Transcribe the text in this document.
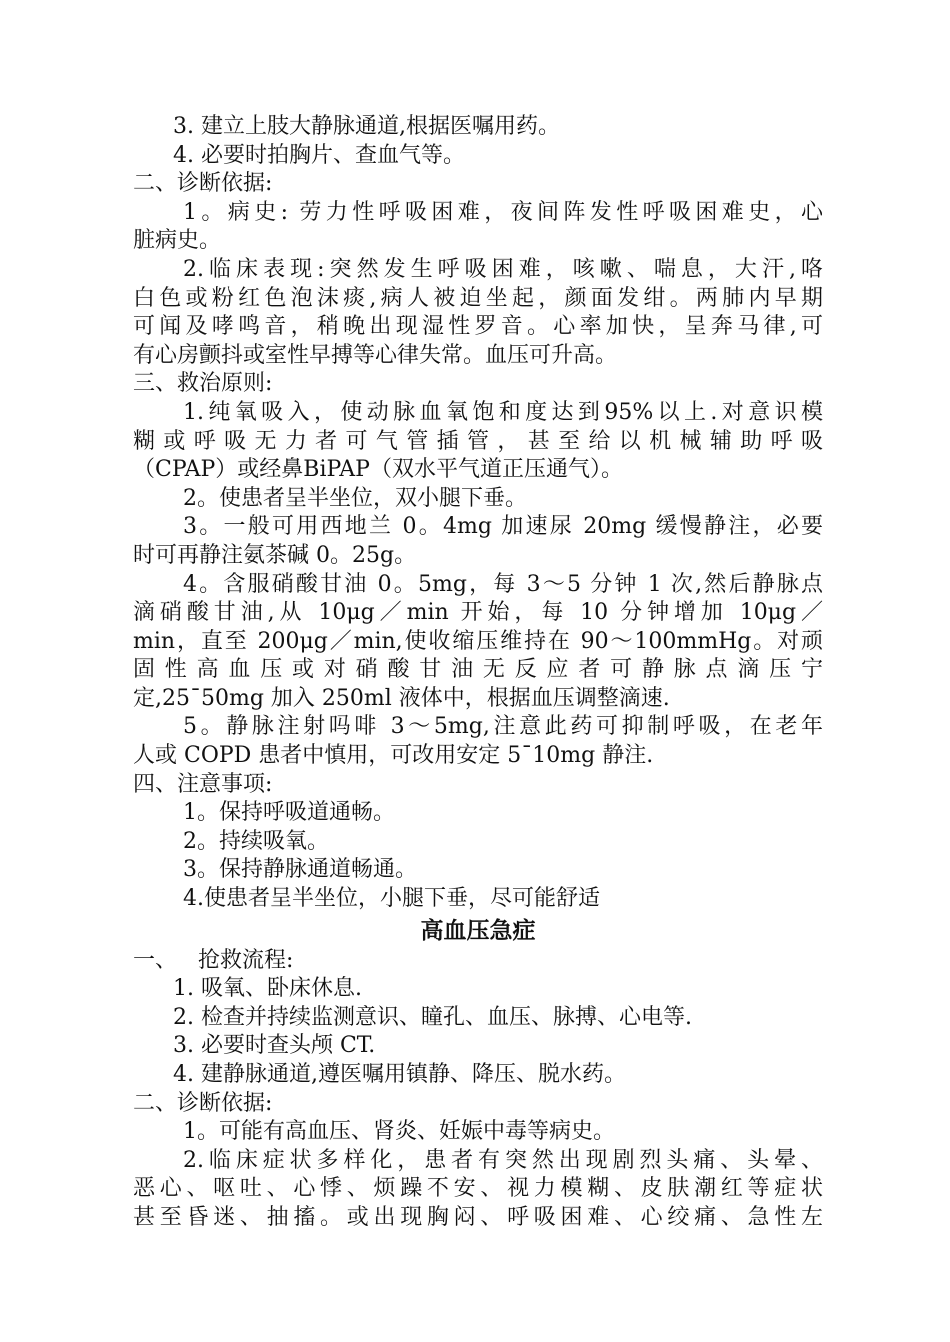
3. 建立上肢大静脉通道,根据医嘱用药。
4. 必要时拍胸片、查血气等。
二、诊断依据:
1。病史: 劳力性呼吸困难，夜间阵发性呼吸困难史，心
脏病史。
2.临床表现:突然发生呼吸困难，咳嗽、喘息，大汗,咯
白色或粉红色泡沫痰,病人被迫坐起，颜面发绀。两肺内早期
可闻及哮鸣音，稍晚出现湿性罗音。心率加快，呈奔马律,可
有心房颤抖或室性早搏等心律失常。血压可升高。
三、救治原则:
1.纯氧吸入，使动脉血氧饱和度达到95%以上.对意识模
糊或呼吸无力者可气管插管，甚至给以机械辅助呼吸
（CPAP）或经鼻BiPAP（双水平气道正压通气）。
2。使患者呈半坐位，双小腿下垂。
3。一般可用西地兰 0。4mg 加速尿 20mg 缓慢静注，必要
时可再静注氨茶碱 0。25g。
4。含服硝酸甘油 0。5mg，每 3～5 分钟 1 次,然后静脉点
滴硝酸甘油,从 10μg／min 开始，每 10 分钟增加 10μg／
min，直至 200μg／min,使收缩压维持在 90～100mmHg。对顽
固性高血压或对硝酸甘油无反应者可静脉点滴压宁
定,25¯50mg 加入 250ml 液体中，根据血压调整滴速.
5。静脉注射吗啡 3～5mg,注意此药可抑制呼吸，在老年
人或 COPD 患者中慎用，可改用安定 5¯10mg 静注.
四、注意事项:
1。保持呼吸道通畅。
2。持续吸氧。
3。保持静脉通道畅通。
4.使患者呈半坐位，小腿下垂，尽可能舒适
高血压急症
一、   抢救流程:
1. 吸氧、卧床休息.
2. 检查并持续监测意识、瞳孔、血压、脉搏、心电等.
3. 必要时查头颅 CT.
4. 建静脉通道,遵医嘱用镇静、降压、脱水药。
二、诊断依据:
1。可能有高血压、肾炎、妊娠中毒等病史。
2.临床症状多样化，患者有突然出现剧烈头痛、头晕、
恶心、呕吐、心悸、烦躁不安、视力模糊、皮肤潮红等症状
甚至昏迷、抽搐。或出现胸闷、呼吸困难、心绞痛、急性左
